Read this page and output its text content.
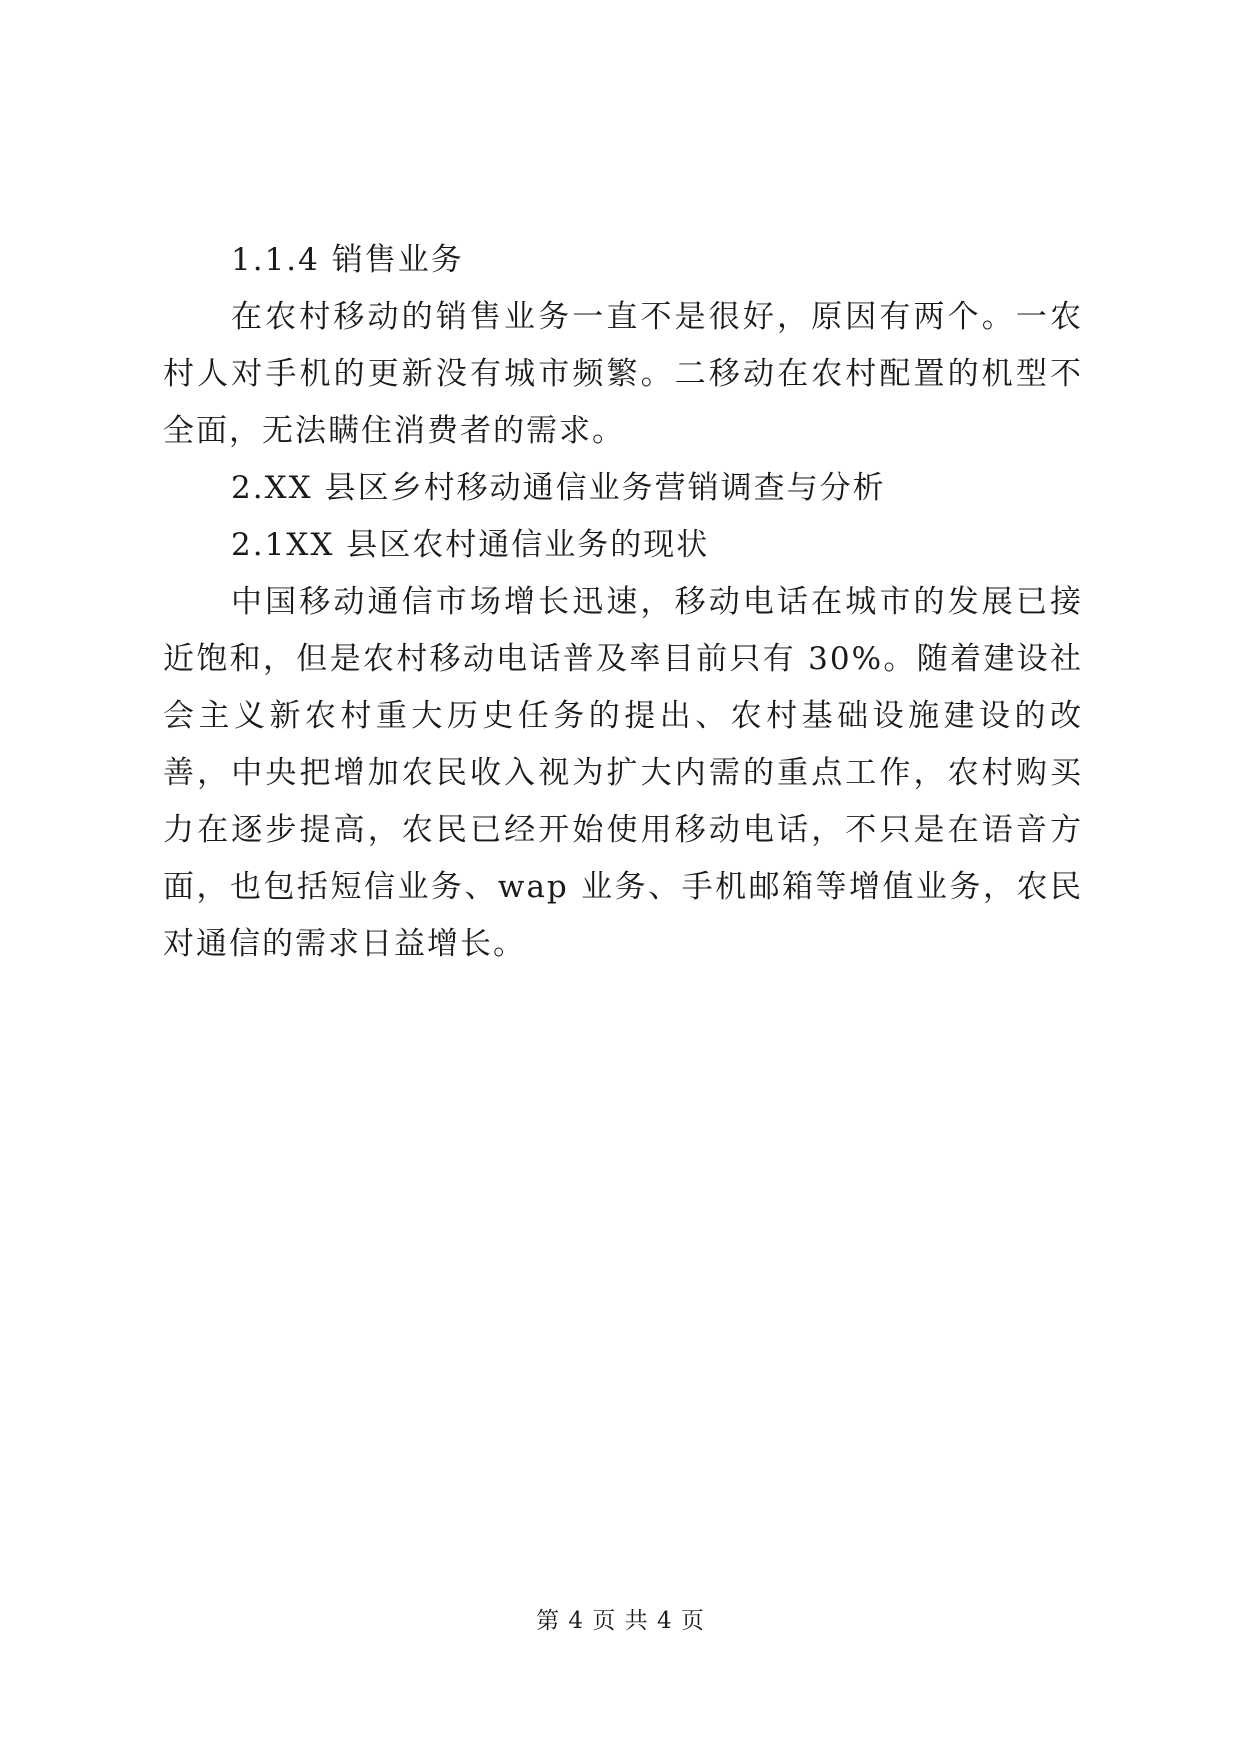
1.1.4 销售业务

在农村移动的销售业务一直不是很好，原因有两个。一农村人对手机的更新没有城市频繁。二移动在农村配置的机型不全面，无法瞒住消费者的需求。

2.XX 县区乡村移动通信业务营销调查与分析

2.1XX 县区农村通信业务的现状

中国移动通信市场增长迅速，移动电话在城市的发展已接近饱和，但是农村移动电话普及率目前只有 30%。随着建设社会主义新农村重大历史任务的提出、农村基础设施建设的改善，中央把增加农民收入视为扩大内需的重点工作，农村购买力在逐步提高，农民已经开始使用移动电话，不只是在语音方面，也包括短信业务、wap 业务、手机邮箱等增值业务，农民对通信的需求日益增长。

第 4 页 共 4 页
